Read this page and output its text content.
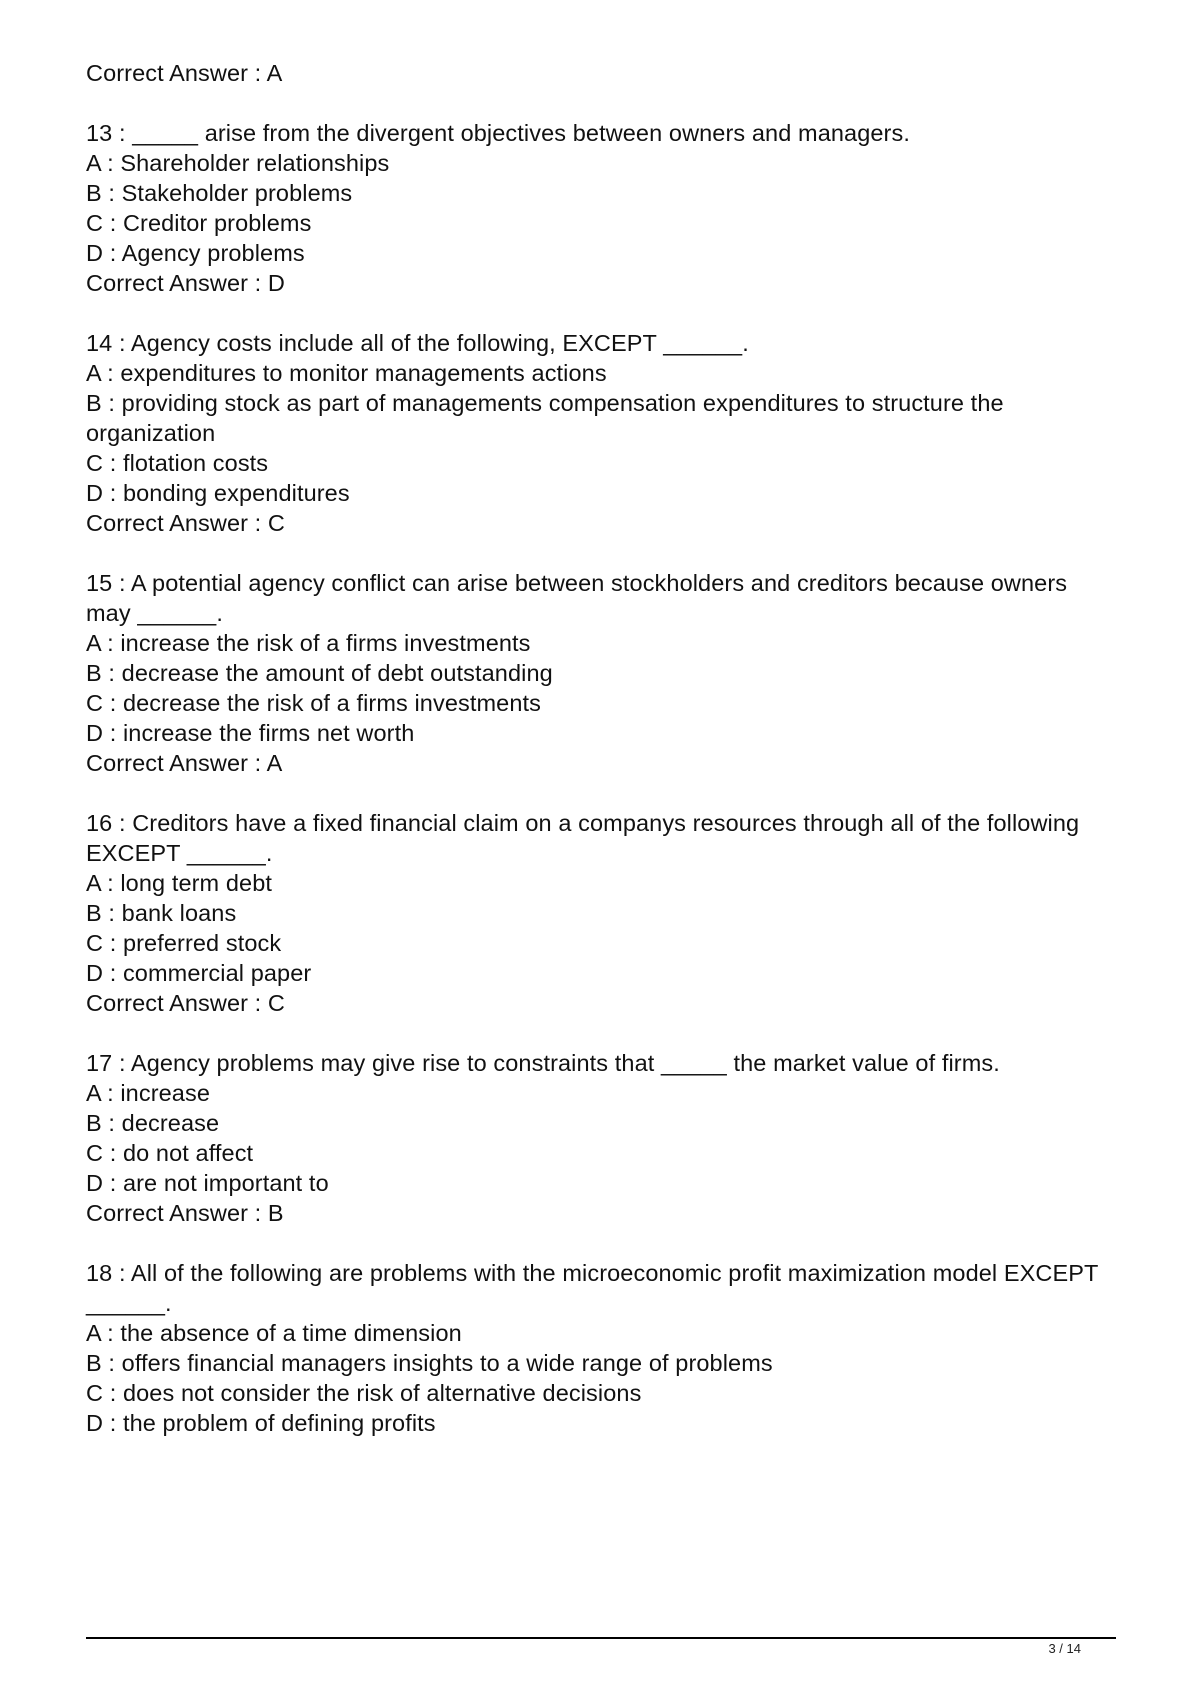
Correct Answer : A

13 : _____ arise from the divergent objectives between owners and managers.

A : Shareholder relationships
B : Stakeholder problems
C : Creditor problems
D : Agency problems

Correct Answer : D

14 : Agency costs include all of the following, EXCEPT ______.

A : expenditures to monitor managements actions
B : providing stock as part of managements compensation expenditures to structure the organization
C : flotation costs
D : bonding expenditures

Correct Answer : C

15 : A potential agency conflict can arise between stockholders and creditors because owners may ______.

A : increase the risk of a firms investments
B : decrease the amount of debt outstanding
C : decrease the risk of a firms investments
D : increase the firms net worth

Correct Answer : A

16 : Creditors have a fixed financial claim on a companys resources through all of the following EXCEPT ______.

A : long term debt
B : bank loans
C : preferred stock
D : commercial paper

Correct Answer : C

17 : Agency problems may give rise to constraints that _____ the market value of firms.

A : increase
B : decrease
C : do not affect
D : are not important to

Correct Answer : B

18 : All of the following are problems with the microeconomic profit maximization model EXCEPT ______.

A : the absence of a time dimension
B : offers financial managers insights to a wide range of problems
C : does not consider the risk of alternative decisions
D : the problem of defining profits
3 / 14
